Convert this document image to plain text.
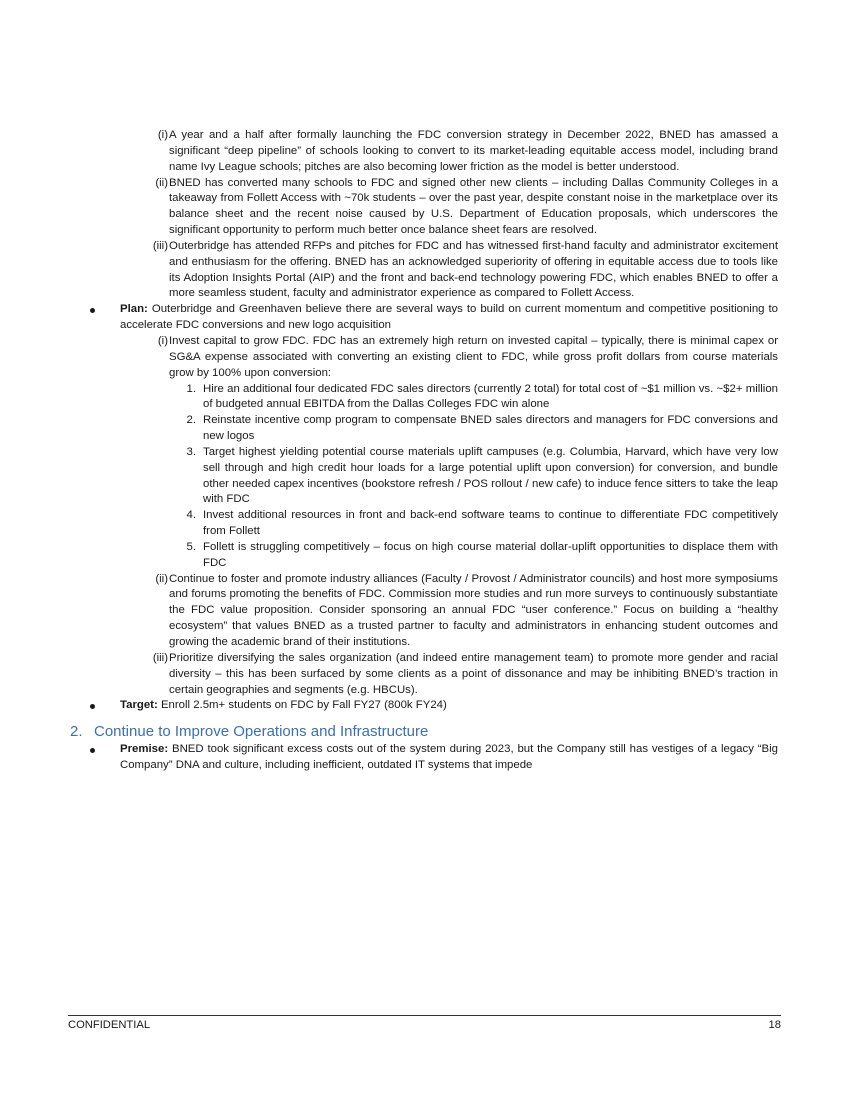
(i) A year and a half after formally launching the FDC conversion strategy in December 2022, BNED has amassed a significant “deep pipeline” of schools looking to convert to its market-leading equitable access model, including brand name Ivy League schools; pitches are also becoming lower friction as the model is better understood.
(ii) BNED has converted many schools to FDC and signed other new clients – including Dallas Community Colleges in a takeaway from Follett Access with ~70k students – over the past year, despite constant noise in the marketplace over its balance sheet and the recent noise caused by U.S. Department of Education proposals, which underscores the significant opportunity to perform much better once balance sheet fears are resolved.
(iii) Outerbridge has attended RFPs and pitches for FDC and has witnessed first-hand faculty and administrator excitement and enthusiasm for the offering. BNED has an acknowledged superiority of offering in equitable access due to tools like its Adoption Insights Portal (AIP) and the front and back-end technology powering FDC, which enables BNED to offer a more seamless student, faculty and administrator experience as compared to Follett Access.
Plan: Outerbridge and Greenhaven believe there are several ways to build on current momentum and competitive positioning to accelerate FDC conversions and new logo acquisition
(i) Invest capital to grow FDC. FDC has an extremely high return on invested capital – typically, there is minimal capex or SG&A expense associated with converting an existing client to FDC, while gross profit dollars from course materials grow by 100% upon conversion:
1. Hire an additional four dedicated FDC sales directors (currently 2 total) for total cost of ~$1 million vs. ~$2+ million of budgeted annual EBITDA from the Dallas Colleges FDC win alone
2. Reinstate incentive comp program to compensate BNED sales directors and managers for FDC conversions and new logos
3. Target highest yielding potential course materials uplift campuses (e.g. Columbia, Harvard, which have very low sell through and high credit hour loads for a large potential uplift upon conversion) for conversion, and bundle other needed capex incentives (bookstore refresh / POS rollout / new cafe) to induce fence sitters to take the leap with FDC
4. Invest additional resources in front and back-end software teams to continue to differentiate FDC competitively from Follett
5. Follett is struggling competitively – focus on high course material dollar-uplift opportunities to displace them with FDC
(ii) Continue to foster and promote industry alliances (Faculty / Provost / Administrator councils) and host more symposiums and forums promoting the benefits of FDC. Commission more studies and run more surveys to continuously substantiate the FDC value proposition. Consider sponsoring an annual FDC “user conference.” Focus on building a “healthy ecosystem” that values BNED as a trusted partner to faculty and administrators in enhancing student outcomes and growing the academic brand of their institutions.
(iii) Prioritize diversifying the sales organization (and indeed entire management team) to promote more gender and racial diversity – this has been surfaced by some clients as a point of dissonance and may be inhibiting BNED’s traction in certain geographies and segments (e.g. HBCUs).
Target: Enroll 2.5m+ students on FDC by Fall FY27 (800k FY24)
2. Continue to Improve Operations and Infrastructure
Premise: BNED took significant excess costs out of the system during 2023, but the Company still has vestiges of a legacy “Big Company” DNA and culture, including inefficient, outdated IT systems that impede
CONFIDENTIAL	18
